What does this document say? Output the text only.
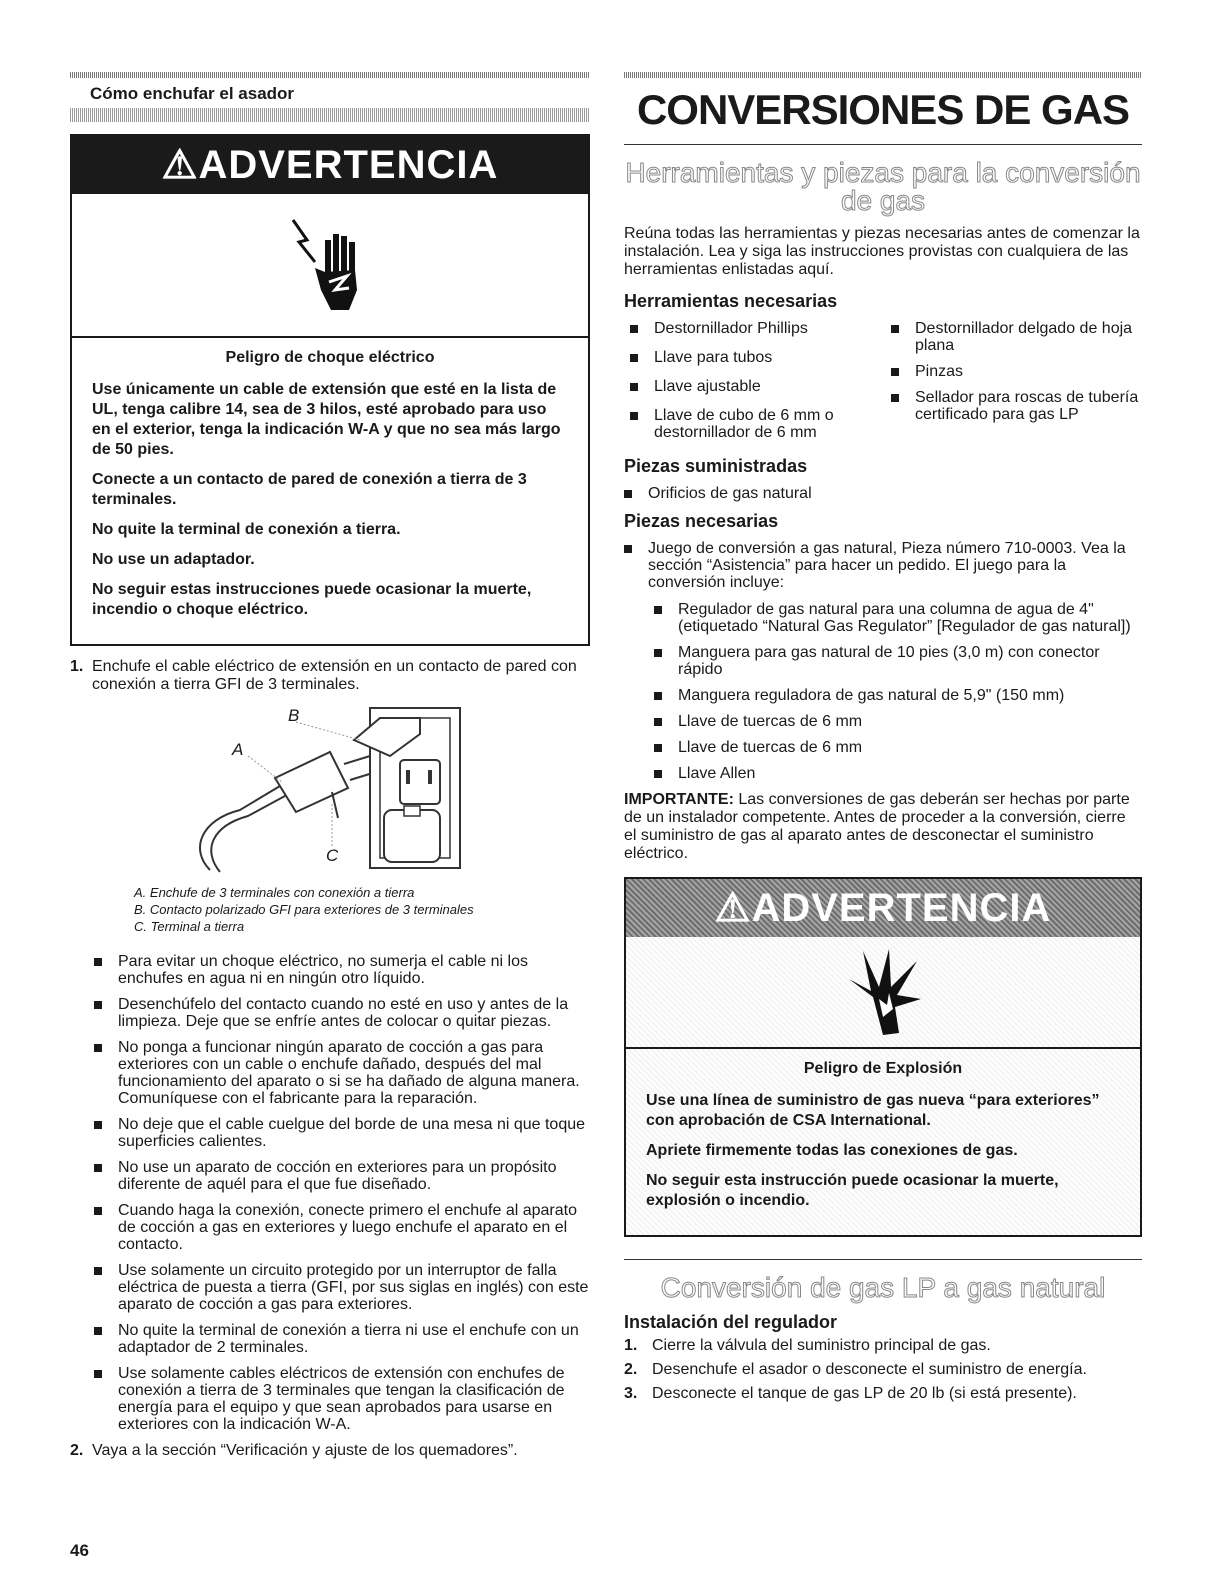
Cómo enchufar el asador
⚠ADVERTENCIA
Peligro de choque eléctrico

Use únicamente un cable de extensión que esté en la lista de UL, tenga calibre 14, sea de 3 hilos, esté aprobado para uso en el exterior, tenga la indicación W-A y que no sea más largo de 50 pies.

Conecte a un contacto de pared de conexión a tierra de 3 terminales.

No quite la terminal de conexión a tierra.

No use un adaptador.

No seguir estas instrucciones puede ocasionar la muerte, incendio o choque eléctrico.

1. Enchufe el cable eléctrico de extensión en un contacto de pared con conexión a tierra GFI de 3 terminales.
B
A
C
A. Enchufe de 3 terminales con conexión a tierra
B. Contacto polarizado GFI para exteriores de 3 terminales
C. Terminal a tierra
Para evitar un choque eléctrico, no sumerja el cable ni los enchufes en agua ni en ningún otro líquido.
Desenchúfelo del contacto cuando no esté en uso y antes de la limpieza. Deje que se enfríe antes de colocar o quitar piezas.
No ponga a funcionar ningún aparato de cocción a gas para exteriores con un cable o enchufe dañado, después del mal funcionamiento del aparato o si se ha dañado de alguna manera. Comuníquese con el fabricante para la reparación.
No deje que el cable cuelgue del borde de una mesa ni que toque superficies calientes.
No use un aparato de cocción en exteriores para un propósito diferente de aquél para el que fue diseñado.
Cuando haga la conexión, conecte primero el enchufe al aparato de cocción a gas en exteriores y luego enchufe el aparato en el contacto.
Use solamente un circuito protegido por un interruptor de falla eléctrica de puesta a tierra (GFI, por sus siglas en inglés) con este aparato de cocción a gas para exteriores.
No quite la terminal de conexión a tierra ni use el enchufe con un adaptador de 2 terminales.
Use solamente cables eléctricos de extensión con enchufes de conexión a tierra de 3 terminales que tengan la clasificación de energía para el equipo y que sean aprobados para usarse en exteriores con la indicación W-A.
2. Vaya a la sección “Verificación y ajuste de los quemadores”.
46
CONVERSIONES DE GAS
Herramientas y piezas para la conversión de gas

Reúna todas las herramientas y piezas necesarias antes de comenzar la instalación. Lea y siga las instrucciones provistas con cualquiera de las herramientas enlistadas aquí.

Herramientas necesarias
Destornillador Phillips
Llave para tubos
Llave ajustable
Llave de cubo de 6 mm o destornillador de 6 mm
Destornillador delgado de hoja plana
Pinzas
Sellador para roscas de tubería certificado para gas LP
Piezas suministradas
Orificios de gas natural
Piezas necesarias
Juego de conversión a gas natural, Pieza número 710-0003. Vea la sección “Asistencia” para hacer un pedido. El juego para la conversión incluye:
Regulador de gas natural para una columna de agua de 4" (etiquetado “Natural Gas Regulator” [Regulador de gas natural])
Manguera para gas natural de 10 pies (3,0 m) con conector rápido
Manguera reguladora de gas natural de 5,9" (150 mm)
Llave de tuercas de 6 mm
Llave de tuercas de 6 mm
Llave Allen

IMPORTANTE: Las conversiones de gas deberán ser hechas por parte de un instalador competente. Antes de proceder a la conversión, cierre el suministro de gas al aparato antes de desconectar el suministro eléctrico.

⚠ADVERTENCIA
Peligro de Explosión

Use una línea de suministro de gas nueva “para exteriores” con aprobación de CSA International.

Apriete firmemente todas las conexiones de gas.

No seguir esta instrucción puede ocasionar la muerte, explosión o incendio.

Conversión de gas LP a gas natural
Instalación del regulador
1. Cierre la válvula del suministro principal de gas.
2. Desenchufe el asador o desconecte el suministro de energía.
3. Desconecte el tanque de gas LP de 20 lb (si está presente).
